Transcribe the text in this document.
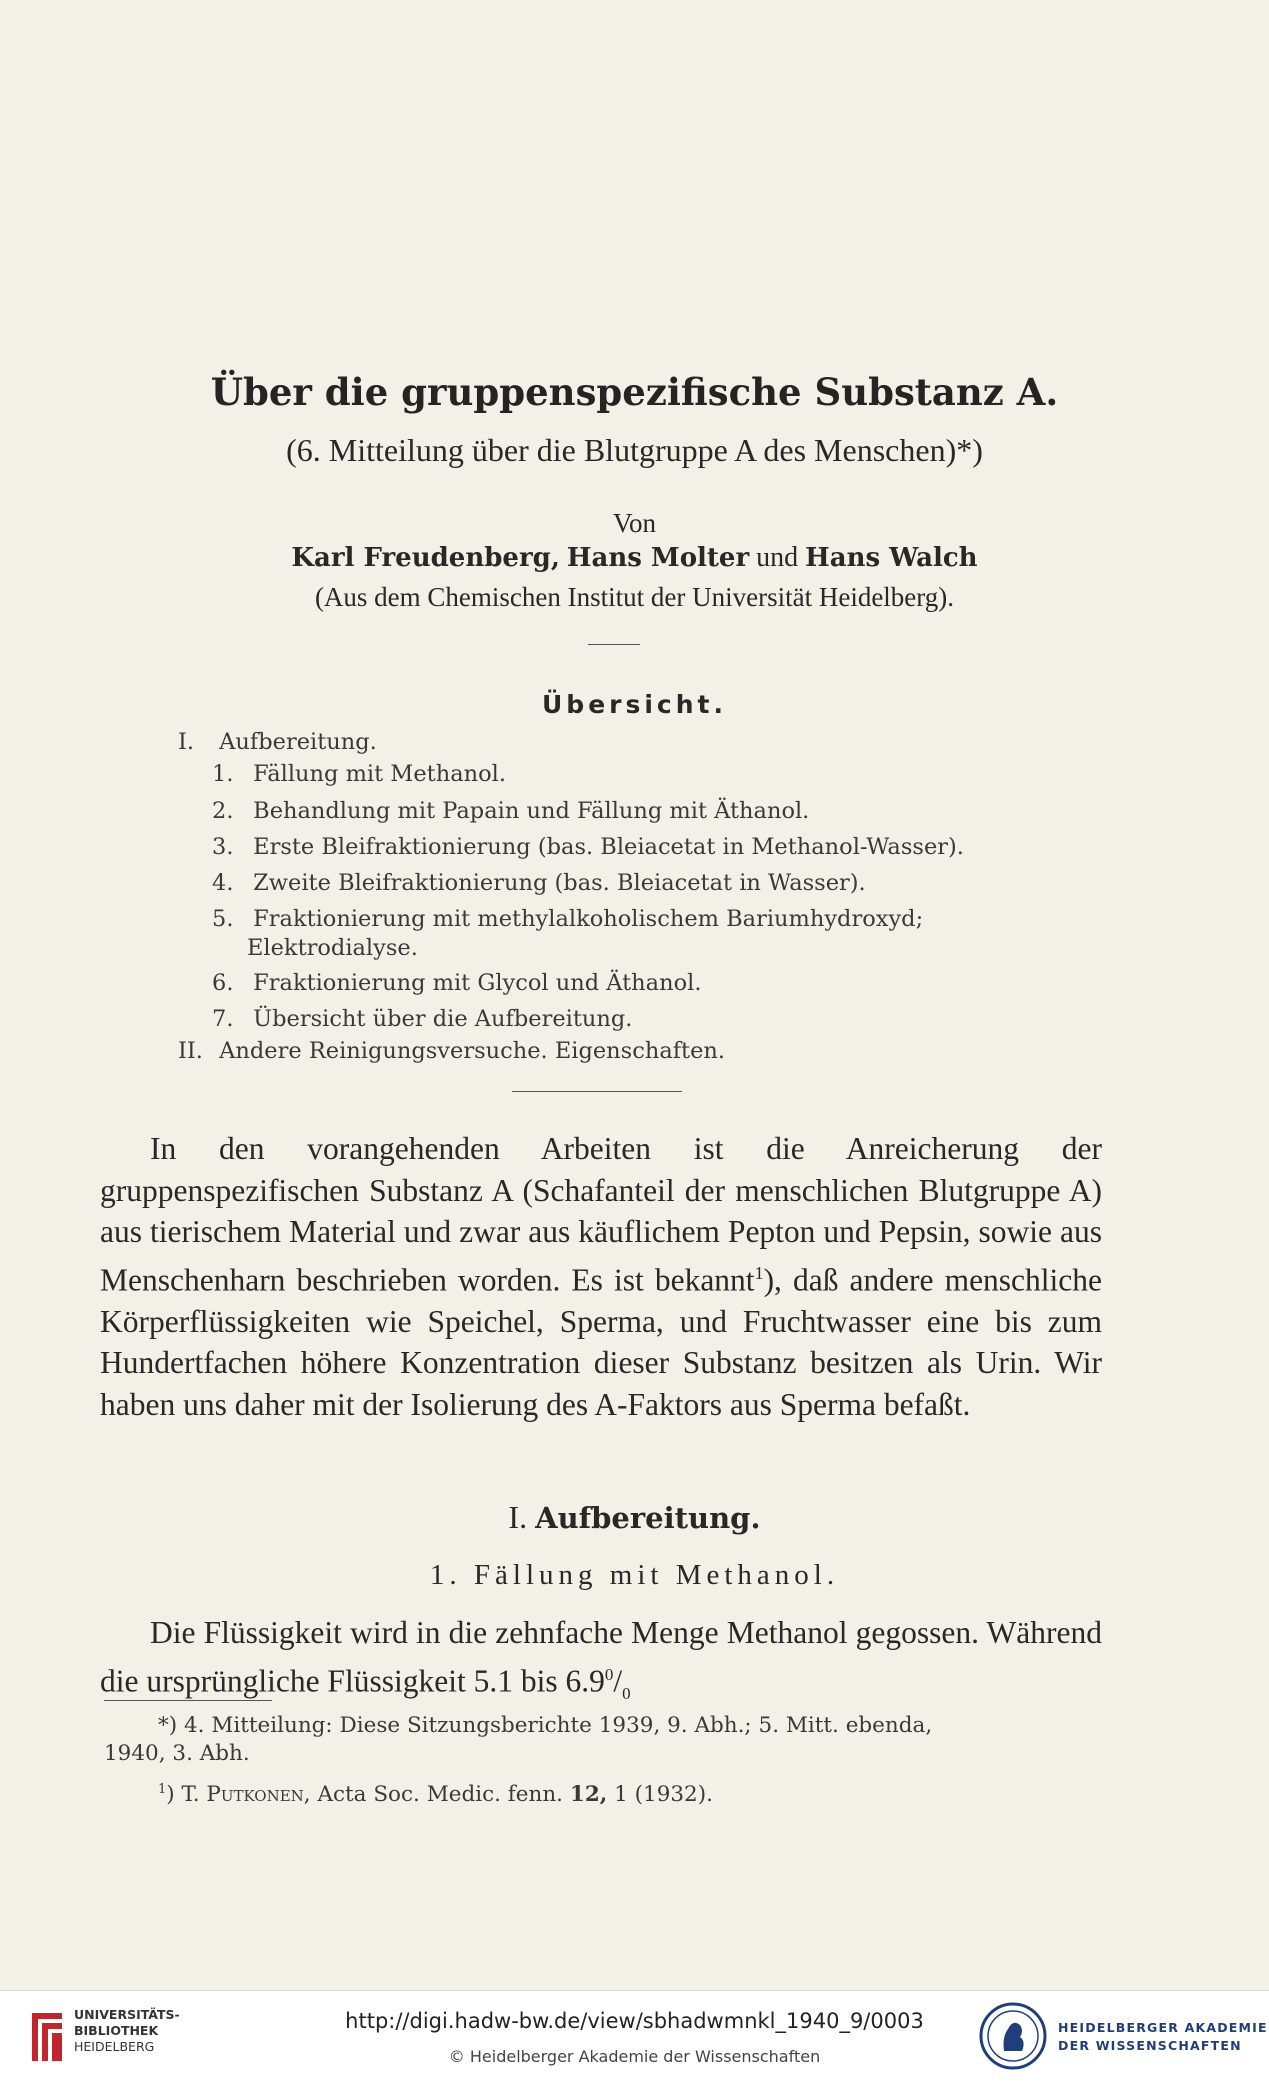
Über die gruppenspezifische Substanz A.
(6. Mitteilung über die Blutgruppe A des Menschen)*)
Von
Karl Freudenberg, Hans Molter und Hans Walch
(Aus dem Chemischen Institut der Universität Heidelberg).
Übersicht.
I. Aufbereitung.
1. Fällung mit Methanol.
2. Behandlung mit Papain und Fällung mit Äthanol.
3. Erste Bleifraktionierung (bas. Bleiacetat in Methanol-Wasser).
4. Zweite Bleifraktionierung (bas. Bleiacetat in Wasser).
5. Fraktionierung mit methylalkoholischem Bariumhydroxyd;
Elektrodialyse.
6. Fraktionierung mit Glycol und Äthanol.
7. Übersicht über die Aufbereitung.
II. Andere Reinigungsversuche. Eigenschaften.
In den vorangehenden Arbeiten ist die Anreicherung der gruppenspezifischen Substanz A (Schafanteil der menschlichen Blutgruppe A) aus tierischem Material und zwar aus käuflichem Pepton und Pepsin, sowie aus Menschenharn beschrieben worden. Es ist bekannt$^1$), daß andere menschliche Körperflüssigkeiten wie Speichel, Sperma, und Fruchtwasser eine bis zum Hundertfachen höhere Konzentration dieser Substanz besitzen als Urin. Wir haben uns daher mit der Isolierung des A-Faktors aus Sperma befaßt.
I. Aufbereitung.
1. Fällung mit Methanol.
Die Flüssigkeit wird in die zehnfache Menge Methanol gegossen. Während die ursprüngliche Flüssigkeit 5.1 bis $6.9^0/_0$
*) 4. Mitteilung: Diese Sitzungsberichte 1939, 9. Abh.; 5. Mitt. ebenda,
1940, 3. Abh.
$^1$) T. Putkonen, Acta Soc. Medic. fenn. 12, 1 (1932).
UNIVERSITÄTS-
BIBLIOTHEK
HEIDELBERG
http://digi.hadw-bw.de/view/sbhadwmnkl_1940_9/0003
© Heidelberger Akademie der Wissenschaften
HEIDELBERGER AKADEMIE
DER WISSENSCHAFTEN
